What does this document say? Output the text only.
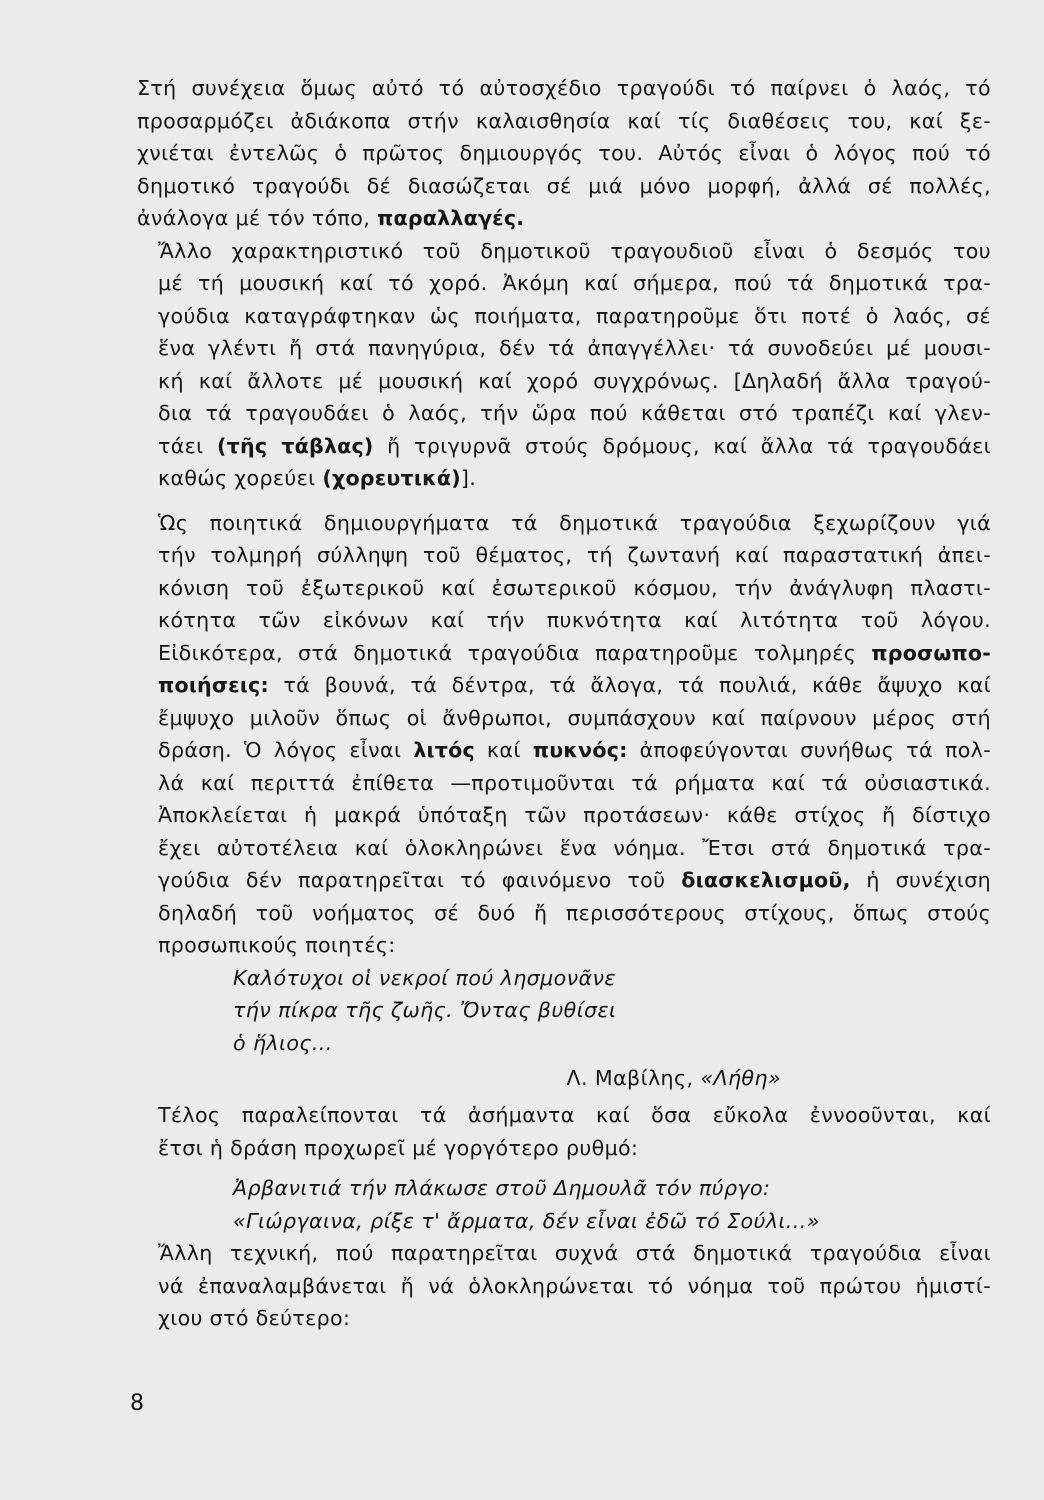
Στή συνέχεια ὅμως αὐτό τό αὐτοσχέδιο τραγούδι τό παίρνει ὁ λαός, τό
προσαρμόζει ἀδιάκοπα στήν καλαισθησία καί τίς διαθέσεις του, καί ξε-
χνιέται ἐντελῶς ὁ πρῶτος δημιουργός του. Αὐτός εἶναι ὁ λόγος πού τό
δημοτικό τραγούδι δέ διασώζεται σέ μιά μόνο μορφή, ἀλλά σέ πολλές,
ἀνάλογα μέ τόν τόπο, παραλλαγές.

Ἄλλο χαρακτηριστικό τοῦ δημοτικοῦ τραγουδιοῦ εἶναι ὁ δεσμός του
μέ τή μουσική καί τό χορό. Ἀκόμη καί σήμερα, πού τά δημοτικά τρα-
γούδια καταγράφτηκαν ὡς ποιήματα, παρατηροῦμε ὅτι ποτέ ὁ λαός, σέ
ἕνα γλέντι ἤ στά πανηγύρια, δέν τά ἀπαγγέλλει· τά συνοδεύει μέ μουσι-
κή καί ἄλλοτε μέ μουσική καί χορό συγχρόνως. [Δηλαδή ἄλλα τραγού-
δια τά τραγουδάει ὁ λαός, τήν ὥρα πού κάθεται στό τραπέζι καί γλεν-
τάει (τῆς τάβλας) ἤ τριγυρνᾶ στούς δρόμους, καί ἄλλα τά τραγουδάει
καθώς χορεύει (χορευτικά)].

Ὡς ποιητικά δημιουργήματα τά δημοτικά τραγούδια ξεχωρίζουν γιά
τήν τολμηρή σύλληψη τοῦ θέματος, τή ζωντανή καί παραστατική ἀπει-
κόνιση τοῦ ἐξωτερικοῦ καί ἐσωτερικοῦ κόσμου, τήν ἀνάγλυφη πλαστι-
κότητα τῶν εἰκόνων καί τήν πυκνότητα καί λιτότητα τοῦ λόγου.
Εἰδικότερα, στά δημοτικά τραγούδια παρατηροῦμε τολμηρές προσωπο-
ποιήσεις: τά βουνά, τά δέντρα, τά ἄλογα, τά πουλιά, κάθε ἄψυχο καί
ἔμψυχο μιλοῦν ὅπως οἱ ἄνθρωποι, συμπάσχουν καί παίρνουν μέρος στή
δράση. Ὁ λόγος εἶναι λιτός καί πυκνός: ἀποφεύγονται συνήθως τά πολ-
λά καί περιττά ἐπίθετα —προτιμοῦνται τά ρήματα καί τά οὐσιαστικά.
Ἀποκλείεται ἡ μακρά ὑπόταξη τῶν προτάσεων· κάθε στίχος ἤ δίστιχο
ἔχει αὐτοτέλεια καί ὁλοκληρώνει ἕνα νόημα. Ἔτσι στά δημοτικά τρα-
γούδια δέν παρατηρεῖται τό φαινόμενο τοῦ διασκελισμοῦ, ἡ συνέχιση
δηλαδή τοῦ νοήματος σέ δυό ἤ περισσότερους στίχους, ὅπως στούς
προσωπικούς ποιητές:

Καλότυχοι οἱ νεκροί πού λησμονᾶνε
τήν πίκρα τῆς ζωῆς. Ὄντας βυθίσει
ὁ ἥλιος...
Λ. Μαβίλης, «Λήθη»

Τέλος παραλείπονται τά ἀσήμαντα καί ὅσα εὔκολα ἐννοοῦνται, καί
ἔτσι ἡ δράση προχωρεῖ μέ γοργότερο ρυθμό:

Ἀρβανιτιά τήν πλάκωσε στοῦ Δημουλᾶ τόν πύργο:
«Γιώργαινα, ρίξε τ' ἄρματα, δέν εἶναι ἐδῶ τό Σούλι...»

Ἄλλη τεχνική, πού παρατηρεῖται συχνά στά δημοτικά τραγούδια εἶναι
νά ἐπαναλαμβάνεται ἤ νά ὁλοκληρώνεται τό νόημα τοῦ πρώτου ἡμιστί-
χιου στό δεύτερο:

8
